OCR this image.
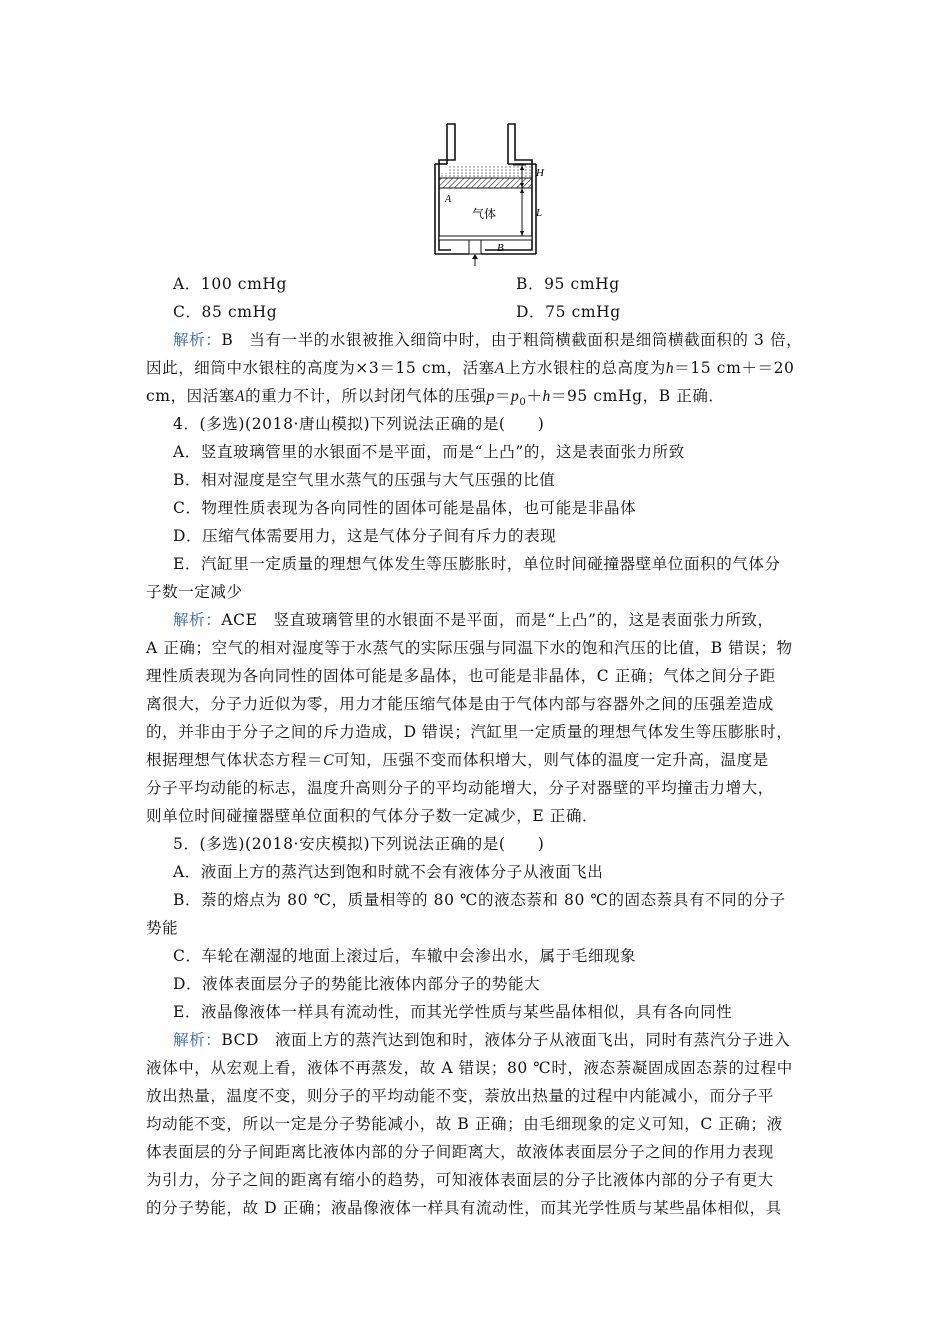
H
L
A
B
气体
A．100 cmHg	B．95 cmHg
C．85 cmHg	D．75 cmHg
解析：B　当有一半的水银被推入细筒中时，由于粗筒横截面积是细筒横截面积的 3 倍，
因此，细筒中水银柱的高度为×3＝15 cm，活塞A上方水银柱的总高度为h＝15 cm＋＝20
cm，因活塞A的重力不计，所以封闭气体的压强$p=p_0+h=95$ cmHg，B 正确．
4．(多选)(2018·唐山模拟)下列说法正确的是(　　)
A．竖直玻璃管里的水银面不是平面，而是“上凸”的，这是表面张力所致
B．相对湿度是空气里水蒸气的压强与大气压强的比值
C．物理性质表现为各向同性的固体可能是晶体，也可能是非晶体
D．压缩气体需要用力，这是气体分子间有斥力的表现
E．汽缸里一定质量的理想气体发生等压膨胀时，单位时间碰撞器壁单位面积的气体分
子数一定减少
解析：ACE　竖直玻璃管里的水银面不是平面，而是“上凸”的，这是表面张力所致，
A 正确；空气的相对湿度等于水蒸气的实际压强与同温下水的饱和汽压的比值，B 错误；物
理性质表现为各向同性的固体可能是多晶体，也可能是非晶体，C 正确；气体之间分子距
离很大，分子力近似为零，用力才能压缩气体是由于气体内部与容器外之间的压强差造成
的，并非由于分子之间的斥力造成，D 错误；汽缸里一定质量的理想气体发生等压膨胀时，
根据理想气体状态方程＝C可知，压强不变而体积增大，则气体的温度一定升高，温度是
分子平均动能的标志，温度升高则分子的平均动能增大，分子对器壁的平均撞击力增大，
则单位时间碰撞器壁单位面积的气体分子数一定减少，E 正确．
5．(多选)(2018·安庆模拟)下列说法正确的是(　　)
A．液面上方的蒸汽达到饱和时就不会有液体分子从液面飞出
B．萘的熔点为 80 ℃，质量相等的 80 ℃的液态萘和 80 ℃的固态萘具有不同的分子
势能
C．车轮在潮湿的地面上滚过后，车辙中会渗出水，属于毛细现象
D．液体表面层分子的势能比液体内部分子的势能大
E．液晶像液体一样具有流动性，而其光学性质与某些晶体相似，具有各向同性
解析：BCD　液面上方的蒸汽达到饱和时，液体分子从液面飞出，同时有蒸汽分子进入
液体中，从宏观上看，液体不再蒸发，故 A 错误；80 ℃时，液态萘凝固成固态萘的过程中
放出热量，温度不变，则分子的平均动能不变，萘放出热量的过程中内能减小，而分子平
均动能不变，所以一定是分子势能减小，故 B 正确；由毛细现象的定义可知，C 正确；液
体表面层的分子间距离比液体内部的分子间距离大，故液体表面层分子之间的作用力表现
为引力，分子之间的距离有缩小的趋势，可知液体表面层的分子比液体内部的分子有更大
的分子势能，故 D 正确；液晶像液体一样具有流动性，而其光学性质与某些晶体相似，具
